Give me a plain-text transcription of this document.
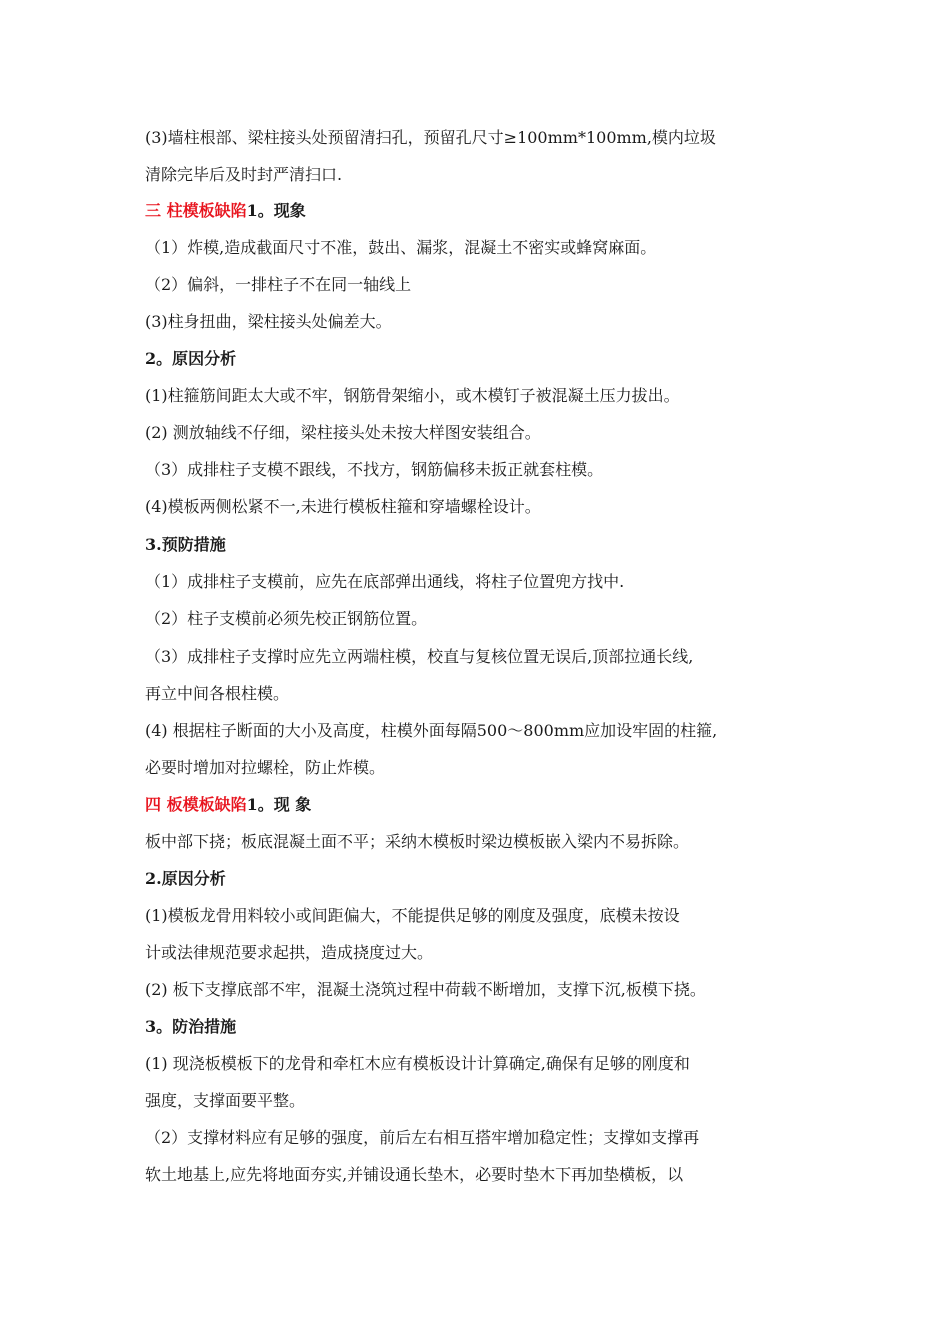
(3)墙柱根部、梁柱接头处预留清扫孔，预留孔尺寸≥100mm*100mm,模内垃圾
清除完毕后及时封严清扫口.
三 柱模板缺陷1。现象
（1）炸模,造成截面尺寸不准，鼓出、漏浆，混凝土不密实或蜂窝麻面。
（2）偏斜，一排柱子不在同一轴线上
(3)柱身扭曲，梁柱接头处偏差大。
2。原因分析
(1)柱箍筋间距太大或不牢，钢筋骨架缩小，或木模钉子被混凝土压力拔出。
(2) 测放轴线不仔细，梁柱接头处未按大样图安装组合。
（3）成排柱子支模不跟线，不找方，钢筋偏移未扳正就套柱模。
(4)模板两侧松紧不一,未进行模板柱箍和穿墙螺栓设计。
3.预防措施
（1）成排柱子支模前，应先在底部弹出通线，将柱子位置兜方找中.
（2）柱子支模前必须先校正钢筋位置。
（3）成排柱子支撑时应先立两端柱模，校直与复核位置无误后,顶部拉通长线,
再立中间各根柱模。
(4) 根据柱子断面的大小及高度，柱模外面每隔500～800mm应加设牢固的柱箍,
必要时增加对拉螺栓，防止炸模。
四 板模板缺陷1。现 象
板中部下挠；板底混凝土面不平；采纳木模板时梁边模板嵌入梁内不易拆除。
2.原因分析
(1)模板龙骨用料较小或间距偏大，不能提供足够的刚度及强度，底模未按设
计或法律规范要求起拱，造成挠度过大。
(2) 板下支撑底部不牢，混凝土浇筑过程中荷载不断增加，支撑下沉,板模下挠。
3。防治措施
(1) 现浇板模板下的龙骨和牵杠木应有模板设计计算确定,确保有足够的刚度和
强度，支撑面要平整。
（2）支撑材料应有足够的强度，前后左右相互搭牢增加稳定性；支撑如支撑再
软土地基上,应先将地面夯实,并铺设通长垫木，必要时垫木下再加垫横板，以
